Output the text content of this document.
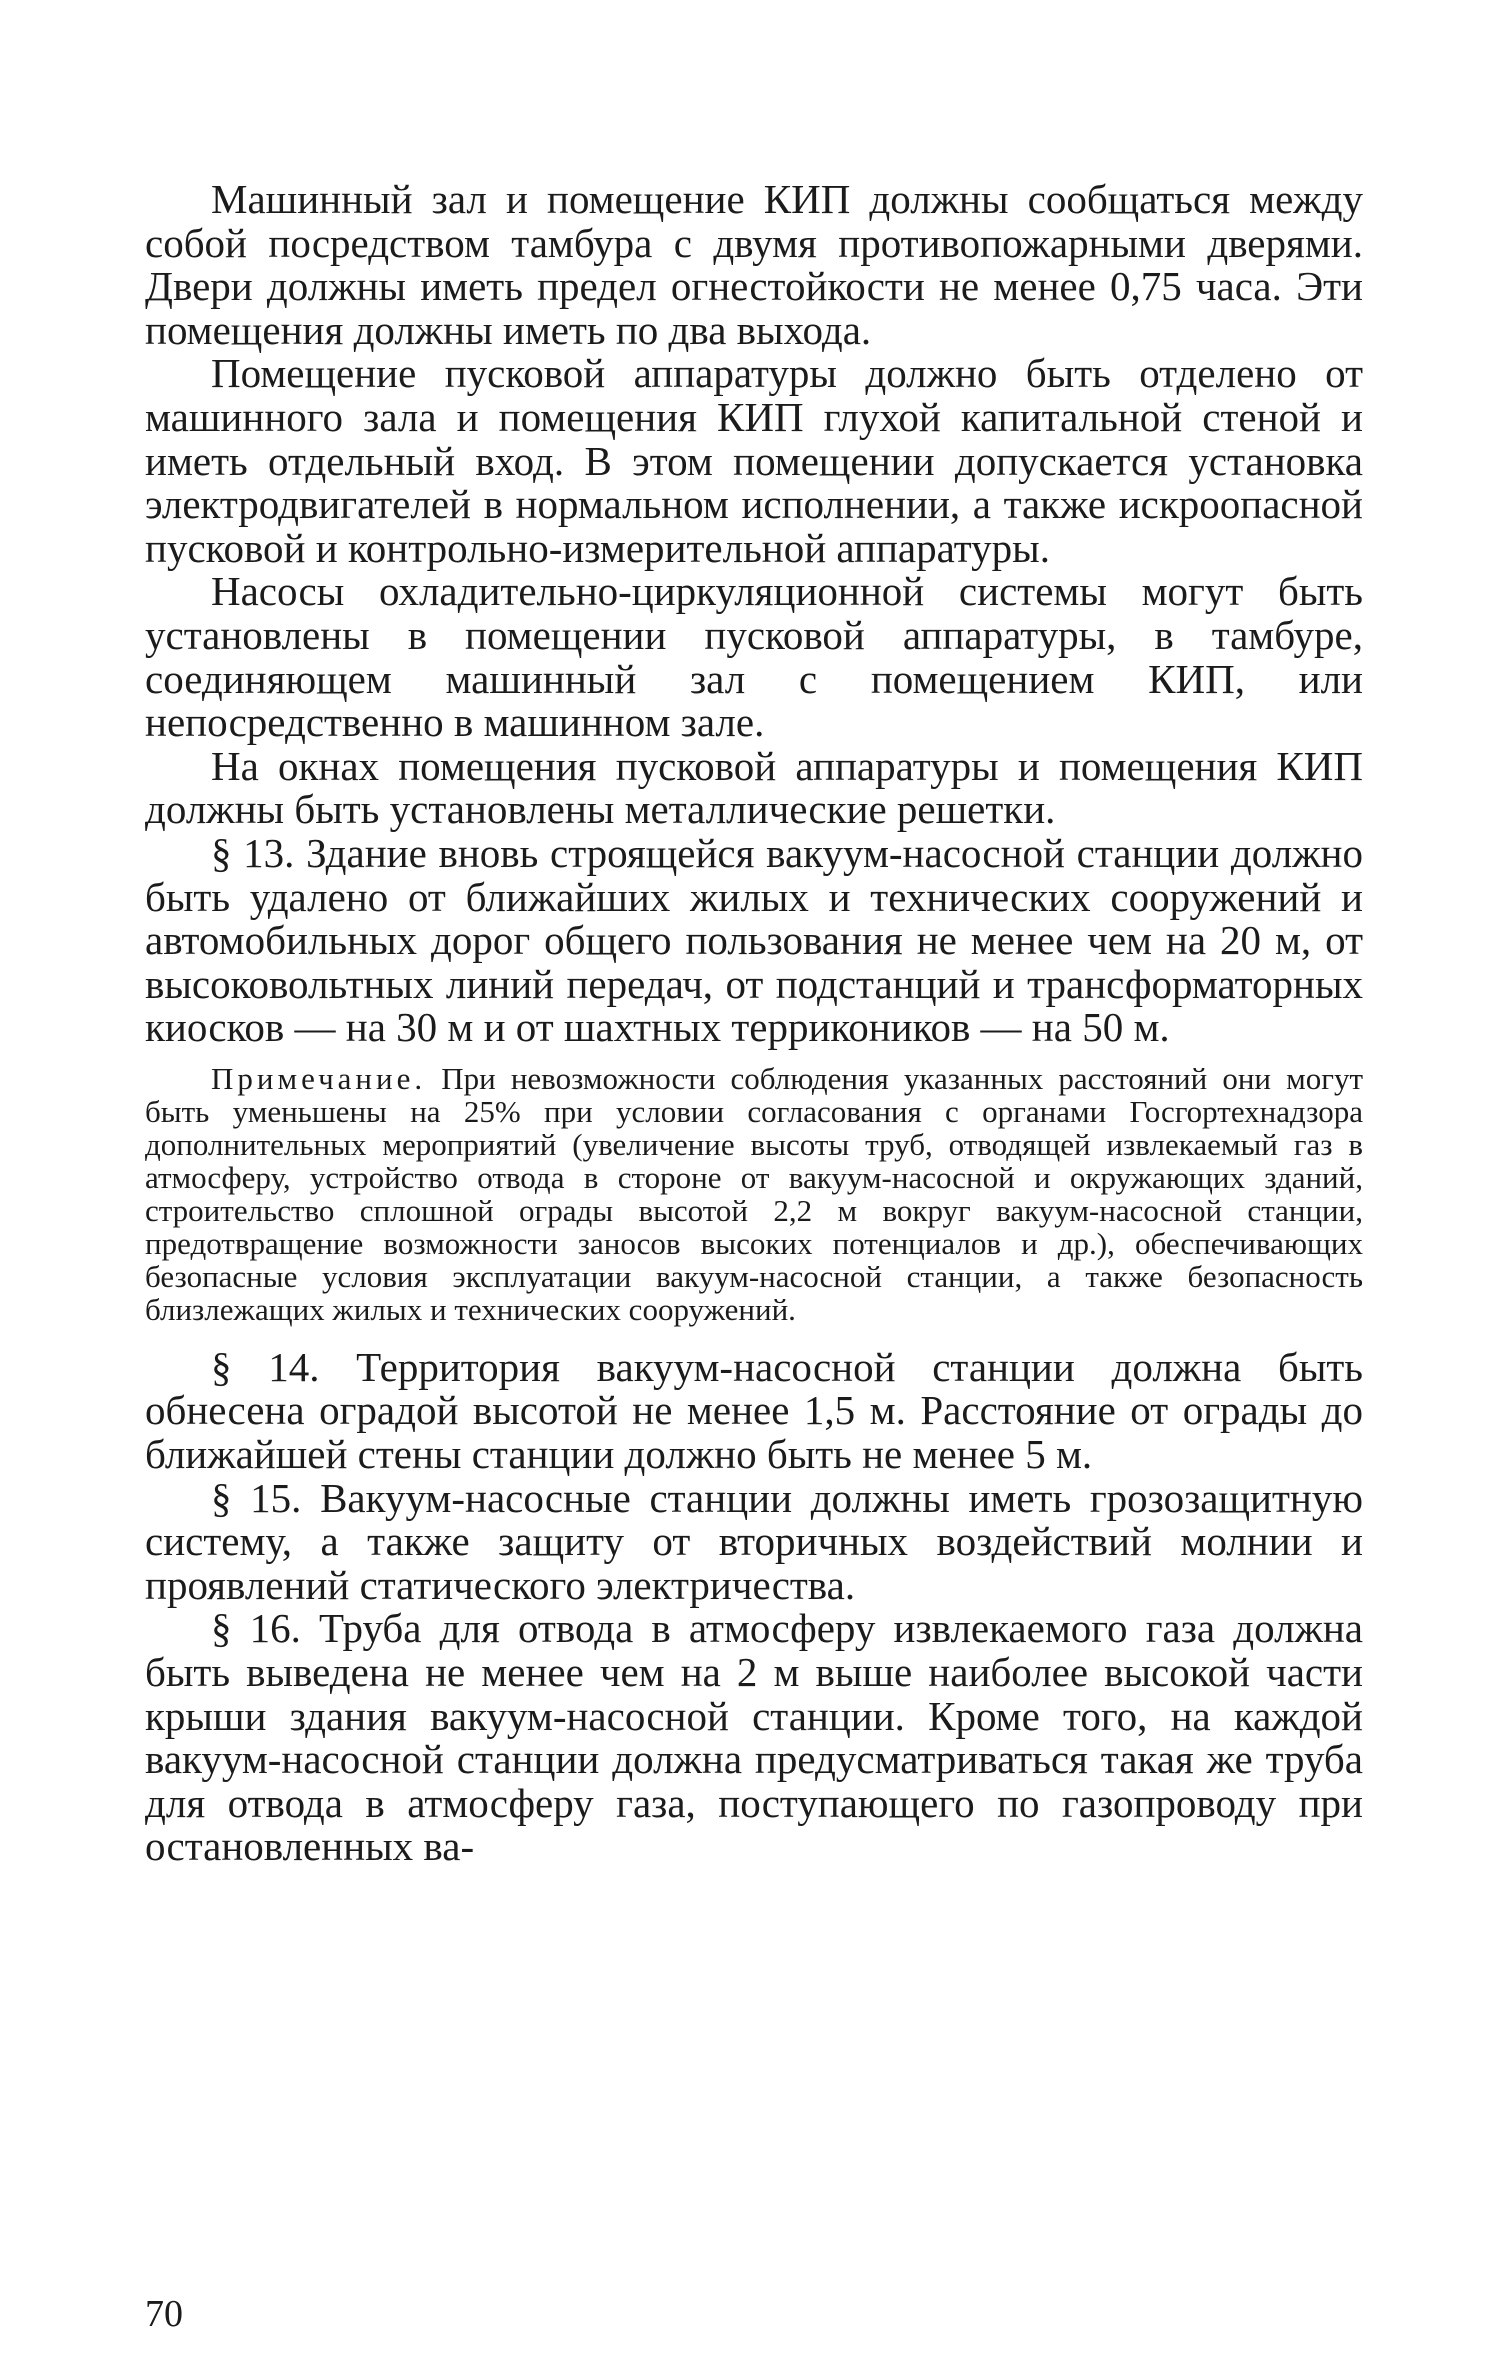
Машинный зал и помещение КИП должны сообщаться между собой посредством тамбура с двумя противопожарными дверями. Двери должны иметь предел огнестойкости не менее 0,75 часа. Эти помещения должны иметь по два выхода.

Помещение пусковой аппаратуры должно быть отделено от машинного зала и помещения КИП глухой капитальной стеной и иметь отдельный вход. В этом помещении допускается установка электродвигателей в нормальном исполнении, а также искроопасной пусковой и контрольно-измерительной аппаратуры.

Насосы охладительно-циркуляционной системы могут быть установлены в помещении пусковой аппаратуры, в тамбуре, соединяющем машинный зал с помещением КИП, или непосредственно в машинном зале.

На окнах помещения пусковой аппаратуры и помещения КИП должны быть установлены металлические решетки.

§ 13. Здание вновь строящейся вакуум-насосной станции должно быть удалено от ближайших жилых и технических сооружений и автомобильных дорог общего пользования не менее чем на 20 м, от высоковольтных линий передач, от подстанций и трансформаторных киосков — на 30 м и от шахтных террикоников — на 50 м.

Примечание. При невозможности соблюдения указанных расстояний они могут быть уменьшены на 25% при условии согласования с органами Госгортехнадзора дополнительных мероприятий (увеличение высоты труб, отводящей извлекаемый газ в атмосферу, устройство отвода в стороне от вакуум-насосной и окружающих зданий, строительство сплошной ограды высотой 2,2 м вокруг вакуум-насосной станции, предотвращение возможности заносов высоких потенциалов и др.), обеспечивающих безопасные условия эксплуатации вакуум-насосной станции, а также безопасность близлежащих жилых и технических сооружений.

§ 14. Территория вакуум-насосной станции должна быть обнесена оградой высотой не менее 1,5 м. Расстояние от ограды до ближайшей стены станции должно быть не менее 5 м.

§ 15. Вакуум-насосные станции должны иметь грозозащитную систему, а также защиту от вторичных воздействий молнии и проявлений статического электричества.

§ 16. Труба для отвода в атмосферу извлекаемого газа должна быть выведена не менее чем на 2 м выше наиболее высокой части крыши здания вакуум-насосной станции. Кроме того, на каждой вакуум-насосной станции должна предусматриваться такая же труба для отвода в атмосферу газа, поступающего по газопроводу при остановленных ва-

70
